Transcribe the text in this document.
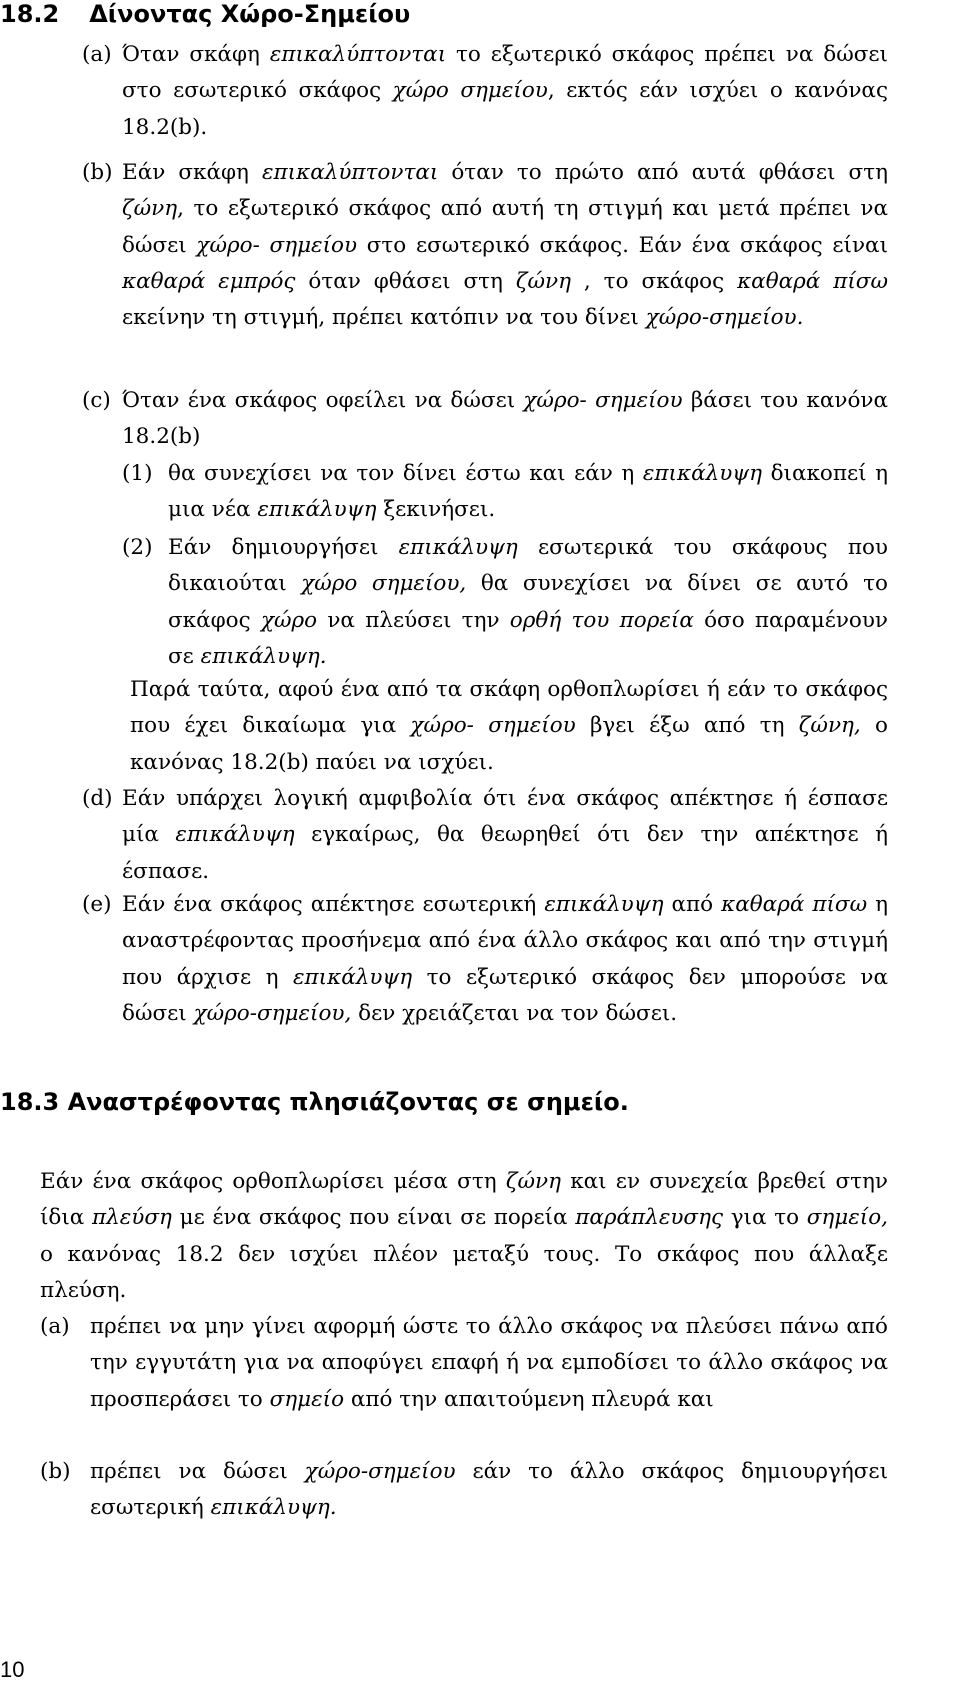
18.2 Δίνοντας Χώρο-Σημείου
(a) Όταν σκάφη επικαλύπτονται το εξωτερικό σκάφος πρέπει να δώσει στο εσωτερικό σκάφος χώρο σημείου, εκτός εάν ισχύει ο κανόνας 18.2(b).
(b) Εάν σκάφη επικαλύπτονται όταν το πρώτο από αυτά φθάσει στη ζώνη, το εξωτερικό σκάφος από αυτή τη στιγμή και μετά πρέπει να δώσει χώρο- σημείου στο εσωτερικό σκάφος. Εάν ένα σκάφος είναι καθαρά εμπρός όταν φθάσει στη ζώνη , το σκάφος καθαρά πίσω εκείνην τη στιγμή, πρέπει κατόπιν να του δίνει χώρο-σημείου.
(c) Όταν ένα σκάφος οφείλει να δώσει χώρο- σημείου βάσει του κανόνα 18.2(b)
(1) θα συνεχίσει να τον δίνει έστω και εάν η επικάλυψη διακοπεί η μια νέα επικάλυψη ξεκινήσει.
(2) Εάν δημιουργήσει επικάλυψη εσωτερικά του σκάφους που δικαιούται χώρο σημείου, θα συνεχίσει να δίνει σε αυτό το σκάφος χώρο να πλεύσει την ορθή του πορεία όσο παραμένουν σε επικάλυψη.
Παρά ταύτα, αφού ένα από τα σκάφη ορθοπλωρίσει ή εάν το σκάφος που έχει δικαίωμα για χώρο- σημείου βγει έξω από τη ζώνη, ο κανόνας 18.2(b) παύει να ισχύει.
(d) Εάν υπάρχει λογική αμφιβολία ότι ένα σκάφος απέκτησε ή έσπασε μία επικάλυψη εγκαίρως, θα θεωρηθεί ότι δεν την απέκτησε ή έσπασε.
(e) Εάν ένα σκάφος απέκτησε εσωτερική επικάλυψη από καθαρά πίσω η αναστρέφοντας προσήνεμα από ένα άλλο σκάφος και από την στιγμή που άρχισε η επικάλυψη το εξωτερικό σκάφος δεν μπορούσε να δώσει χώρο-σημείου, δεν χρειάζεται να τον δώσει.
18.3 Αναστρέφοντας πλησιάζοντας σε σημείο.
Εάν ένα σκάφος ορθοπλωρίσει μέσα στη ζώνη και εν συνεχεία βρεθεί στην ίδια πλεύση με ένα σκάφος που είναι σε πορεία παράπλευσης για το σημείο, ο κανόνας 18.2 δεν ισχύει πλέον μεταξύ τους. Το σκάφος που άλλαξε πλεύση.
(a) πρέπει να μην γίνει αφορμή ώστε το άλλο σκάφος να πλεύσει πάνω από την εγγυτάτη για να αποφύγει επαφή ή να εμποδίσει το άλλο σκάφος να προσπεράσει το σημείο από την απαιτούμενη πλευρά και
(b) πρέπει να δώσει χώρο-σημείου εάν το άλλο σκάφος δημιουργήσει εσωτερική επικάλυψη.
10
